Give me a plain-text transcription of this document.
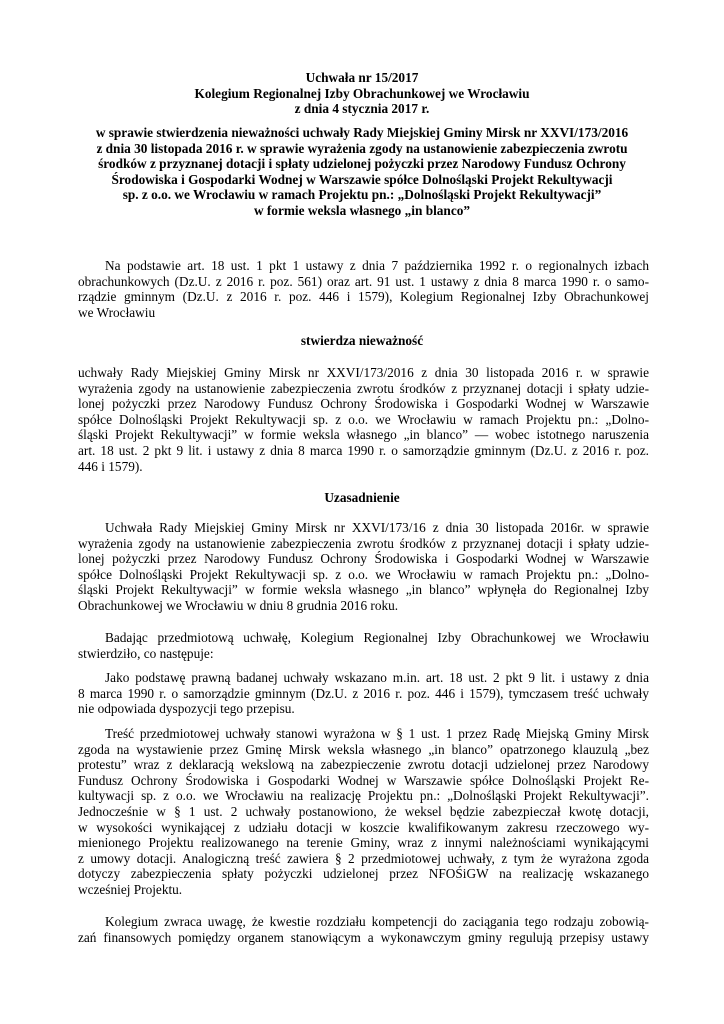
Uchwała nr 15/2017
Kolegium Regionalnej Izby Obrachunkowej we Wrocławiu
z dnia 4 stycznia 2017 r.
w sprawie stwierdzenia nieważności uchwały Rady Miejskiej Gminy Mirsk nr XXVI/173/2016
z dnia 30 listopada 2016 r. w sprawie wyrażenia zgody na ustanowienie zabezpieczenia zwrotu
środków z przyznanej dotacji i spłaty udzielonej pożyczki przez Narodowy Fundusz Ochrony
Środowiska i Gospodarki Wodnej w Warszawie spółce Dolnośląski Projekt Rekultywacji
sp. z o.o. we Wrocławiu w ramach Projektu pn.: „Dolnośląski Projekt Rekultywacji”
w formie weksla własnego „in blanco”
Na podstawie art. 18 ust. 1 pkt 1 ustawy z dnia 7 października 1992 r. o regionalnych izbach
obrachunkowych (Dz.U. z 2016 r. poz. 561) oraz art. 91 ust. 1 ustawy z dnia 8 marca 1990 r. o samo-
rządzie gminnym (Dz.U. z 2016 r. poz. 446 i 1579), Kolegium Regionalnej Izby Obrachunkowej
we Wrocławiu
stwierdza nieważność
uchwały Rady Miejskiej Gminy Mirsk nr XXVI/173/2016 z dnia 30 listopada 2016 r. w sprawie
wyrażenia zgody na ustanowienie zabezpieczenia zwrotu środków z przyznanej dotacji i spłaty udzie-
lonej pożyczki przez Narodowy Fundusz Ochrony Środowiska i Gospodarki Wodnej w Warszawie
spółce Dolnośląski Projekt Rekultywacji sp. z o.o. we Wrocławiu w ramach Projektu pn.: „Dolno-
śląski Projekt Rekultywacji” w formie weksla własnego „in blanco” — wobec istotnego naruszenia
art. 18 ust. 2 pkt 9 lit. i ustawy z dnia 8 marca 1990 r. o samorządzie gminnym (Dz.U. z 2016 r. poz.
446 i 1579).
Uzasadnienie
Uchwała Rady Miejskiej Gminy Mirsk nr XXVI/173/16 z dnia 30 listopada 2016r. w sprawie
wyrażenia zgody na ustanowienie zabezpieczenia zwrotu środków z przyznanej dotacji i spłaty udzie-
lonej pożyczki przez Narodowy Fundusz Ochrony Środowiska i Gospodarki Wodnej w Warszawie
spółce Dolnośląski Projekt Rekultywacji sp. z o.o. we Wrocławiu w ramach Projektu pn.: „Dolno-
śląski Projekt Rekultywacji” w formie weksla własnego „in blanco” wpłynęła do Regionalnej Izby
Obrachunkowej we Wrocławiu w dniu 8 grudnia 2016 roku.
Badając przedmiotową uchwałę, Kolegium Regionalnej Izby Obrachunkowej we Wrocławiu
stwierdziło, co następuje:
Jako podstawę prawną badanej uchwały wskazano m.in. art. 18 ust. 2 pkt 9 lit. i ustawy z dnia
8 marca 1990 r. o samorządzie gminnym (Dz.U. z 2016 r. poz. 446 i 1579), tymczasem treść uchwały
nie odpowiada dyspozycji tego przepisu.
Treść przedmiotowej uchwały stanowi wyrażona w § 1 ust. 1 przez Radę Miejską Gminy Mirsk
zgoda na wystawienie przez Gminę Mirsk weksla własnego „in blanco” opatrzonego klauzulą „bez
protestu” wraz z deklaracją wekslową na zabezpieczenie zwrotu dotacji udzielonej przez Narodowy
Fundusz Ochrony Środowiska i Gospodarki Wodnej w Warszawie spółce Dolnośląski Projekt Re-
kultywacji sp. z o.o. we Wrocławiu na realizację Projektu pn.: „Dolnośląski Projekt Rekultywacji”.
Jednocześnie w § 1 ust. 2 uchwały postanowiono, że weksel będzie zabezpieczał kwotę dotacji,
w wysokości wynikającej z udziału dotacji w koszcie kwalifikowanym zakresu rzeczowego wy-
mienionego Projektu realizowanego na terenie Gminy, wraz z innymi należnościami wynikającymi
z umowy dotacji. Analogiczną treść zawiera § 2 przedmiotowej uchwały, z tym że wyrażona zgoda
dotyczy zabezpieczenia spłaty pożyczki udzielonej przez NFOŚiGW na realizację wskazanego
wcześniej Projektu.
Kolegium zwraca uwagę, że kwestie rozdziału kompetencji do zaciągania tego rodzaju zobowią-
zań finansowych pomiędzy organem stanowiącym a wykonawczym gminy regulują przepisy ustawy
